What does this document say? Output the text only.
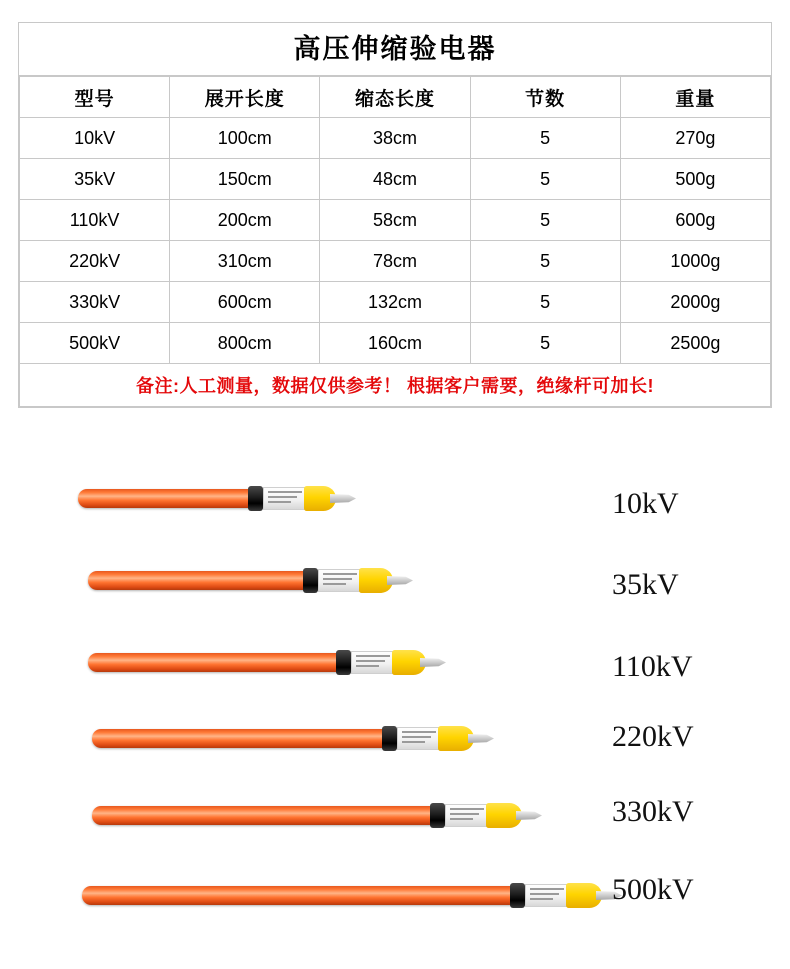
高压伸缩验电器
型号	展开长度	缩态长度	节数	重量
10kV	100cm	38cm	5	270g
35kV	150cm	48cm	5	500g
110kV	200cm	58cm	5	600g
220kV	310cm	78cm	5	1000g
330kV	600cm	132cm	5	2000g
500kV	800cm	160cm	5	2500g
备注:人工测量，数据仅供参考！ 根据客户需要，绝缘杆可加长!				
10kV
35kV
110kV
220kV
330kV
500kV
